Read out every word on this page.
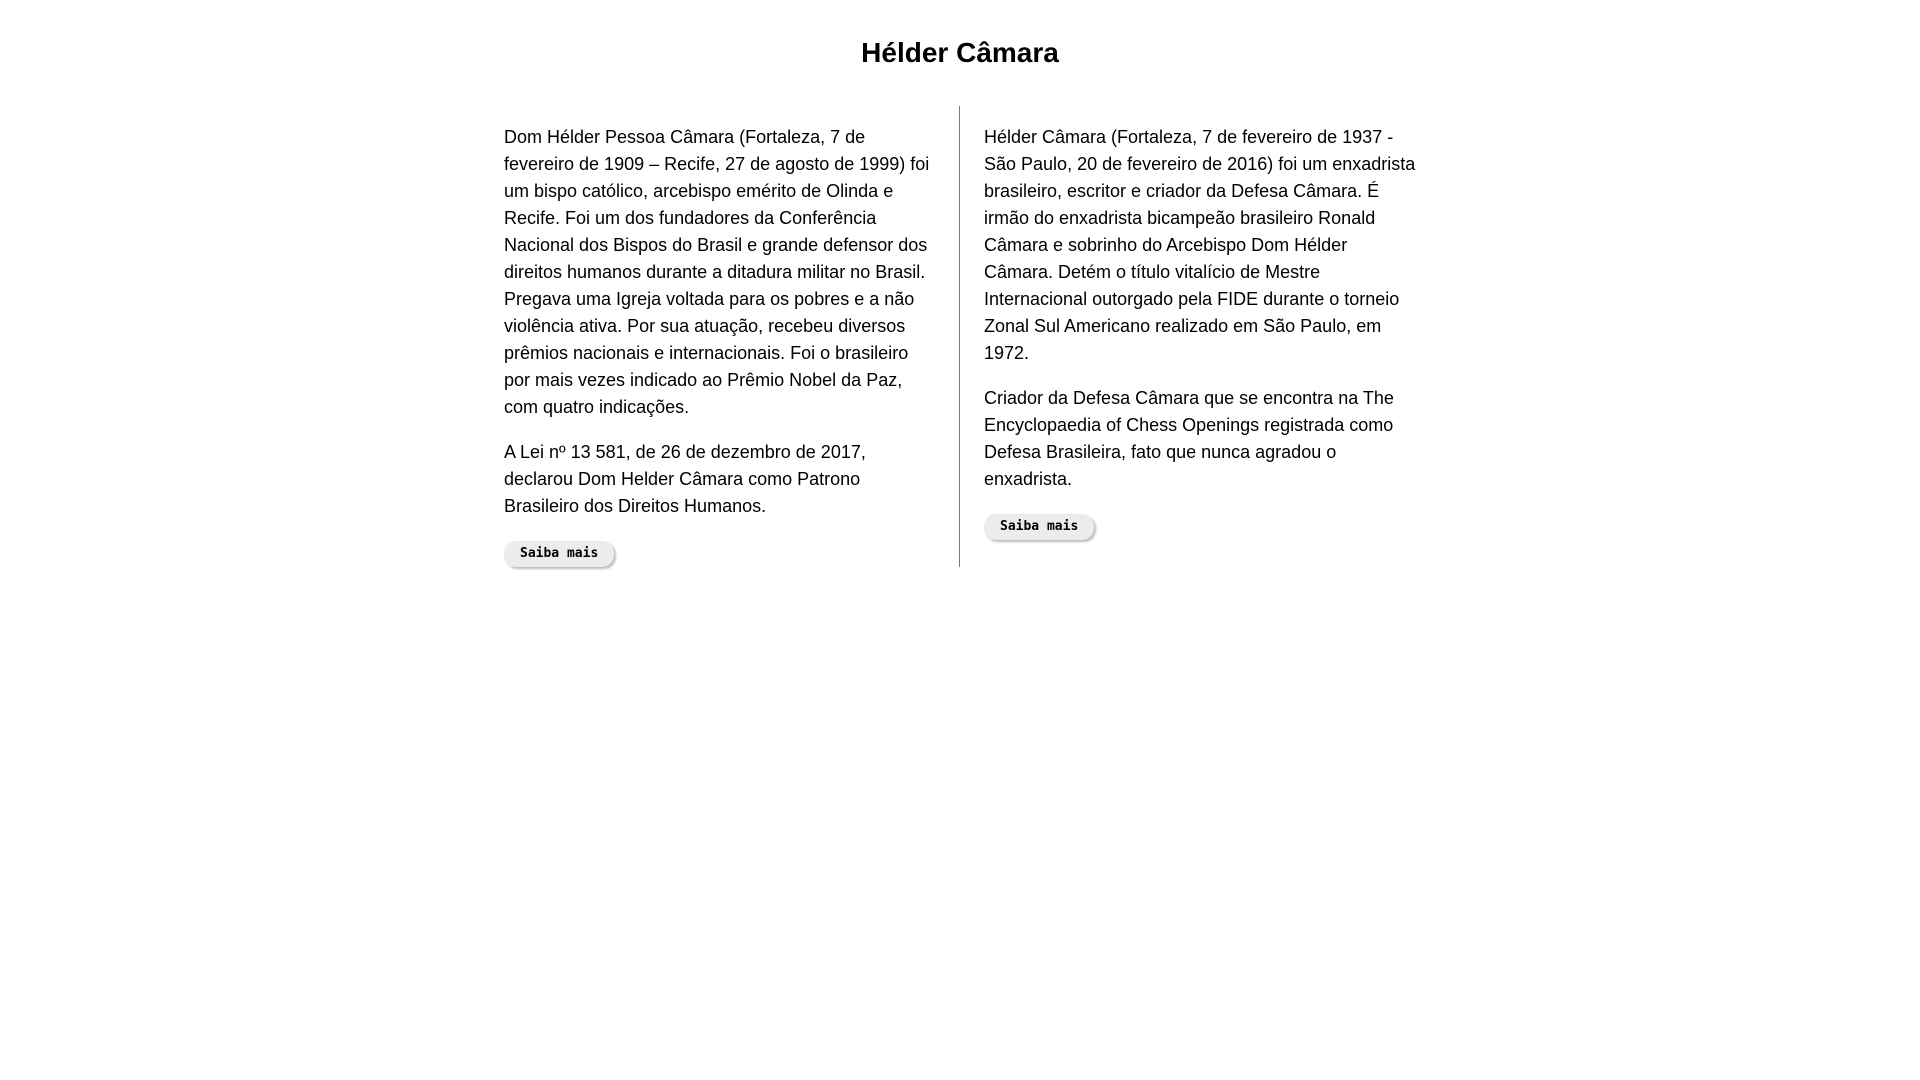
Hélder Câmara

Dom Hélder Pessoa Câmara (Fortaleza, 7 de fevereiro de 1909 – Recife, 27 de agosto de 1999) foi um bispo católico, arcebispo emérito de Olinda e Recife. Foi um dos fundadores da Conferência Nacional dos Bispos do Brasil e grande defensor dos direitos humanos durante a ditadura militar no Brasil. Pregava uma Igreja voltada para os pobres e a não violência ativa. Por sua atuação, recebeu diversos prêmios nacionais e internacionais. Foi o brasileiro por mais vezes indicado ao Prêmio Nobel da Paz, com quatro indicações.

A Lei nº 13 581, de 26 de dezembro de 2017, declarou Dom Helder Câmara como Patrono Brasileiro dos Direitos Humanos.

Saiba mais

Hélder Câmara (Fortaleza, 7 de fevereiro de 1937 - São Paulo, 20 de fevereiro de 2016) foi um enxadrista brasileiro, escritor e criador da Defesa Câmara. É irmão do enxadrista bicampeão brasileiro Ronald Câmara e sobrinho do Arcebispo Dom Hélder Câmara. Detém o título vitalício de Mestre Internacional outorgado pela FIDE durante o torneio Zonal Sul Americano realizado em São Paulo, em 1972.

Criador da Defesa Câmara que se encontra na The Encyclopaedia of Chess Openings registrada como Defesa Brasileira, fato que nunca agradou o enxadrista.

Saiba mais
